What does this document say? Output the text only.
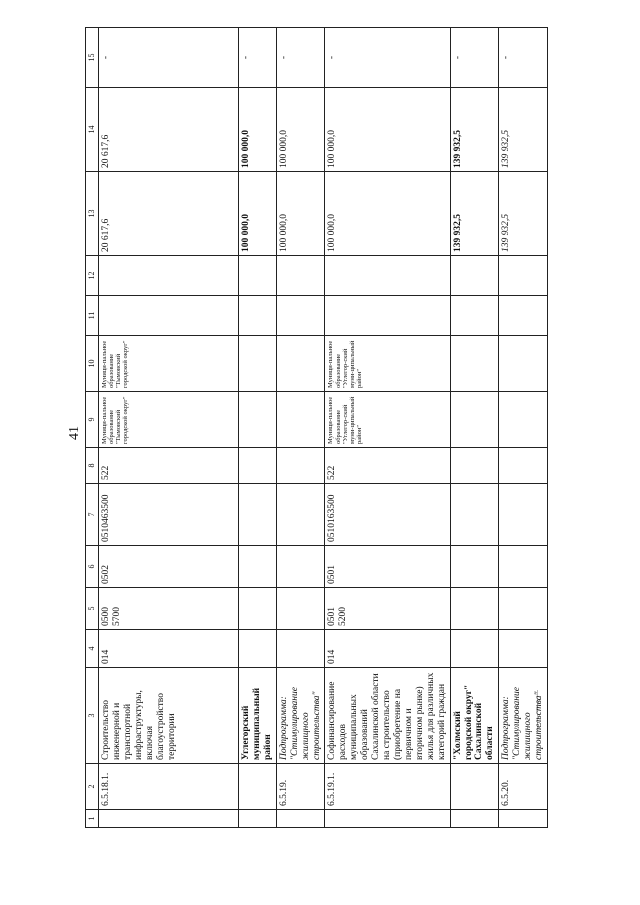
41
1	2	3	4	5	6	7	8	9	10	11	12	13	14	15
	6.5.18.1.	Строительство инженерной и транспортной инфраструктуры, включая благоустройство территории	014	0500 5700	0502	0510463500	522	Муници-пальное образование "Тымовский городской округ"	Муници-пальное образование "Тымовский городской округ"			20 617,6	20 617,6	-
		Углегорский муниципальный район										100 000,0	100 000,0	-
	6.5.19.	Подпрограмма: "Стимулирование жилищного строительства"										100 000,0	100 000,0	-
	6.5.19.1.	Софинансирование расходов муниципальных образований Сахалинской области на строительство (приобретение на первичном и вторичном рынке) жилья для различных категорий граждан	014	0501 5200	0501	0510163500	522	Муници-пальное образование "Углегор-ский муни-ципальный район"	Муници-пальное образование "Углегор-ский муни-ципальный район"			100 000,0	100 000,0	-
		"Холмский городской округ" Сахалинской области										139 932,5	139 932,5	-
	6.5.20.	Подпрограмма: "Стимулирование жилищного строительства"										139 932,5	139 932,5	-
